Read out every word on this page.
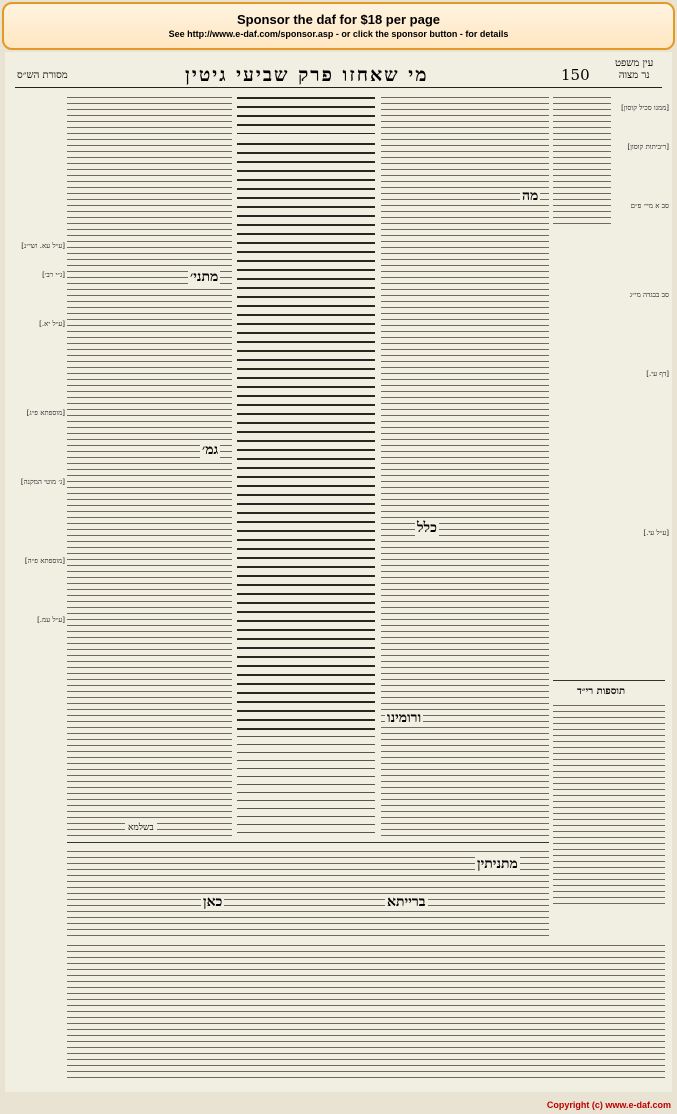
Sponsor the daf for $18 per page
See http://www.e-daf.com/sponsor.asp - or click the sponsor button - for details
מסורת הש״ס	מי שאחזו פרק שביעי גיטין	150
עין משפט
נר מצוה
[ע״ל עא. ושי״נ]
[ג״י רב׳]
[ע״ל יא.]
[מוספתא פ״ג]
[ג׳ מוטי המקנה]
[מוספתא פ״ה]
[ע״ל עמ.]
[ממנו סכיל קוסון]
[ריביתות קוסון]
סב א מיי׳ פ״ם
סב בבגדה מי״ג
[דף עי.]
[ע״ל עי.]
תוספות רי״ד
מה
מתני׳
גמ׳
כלל
ורומינו
בשלמא
מתניתין
ברייתא
כאן
Copyright (c) www.e-daf.com
